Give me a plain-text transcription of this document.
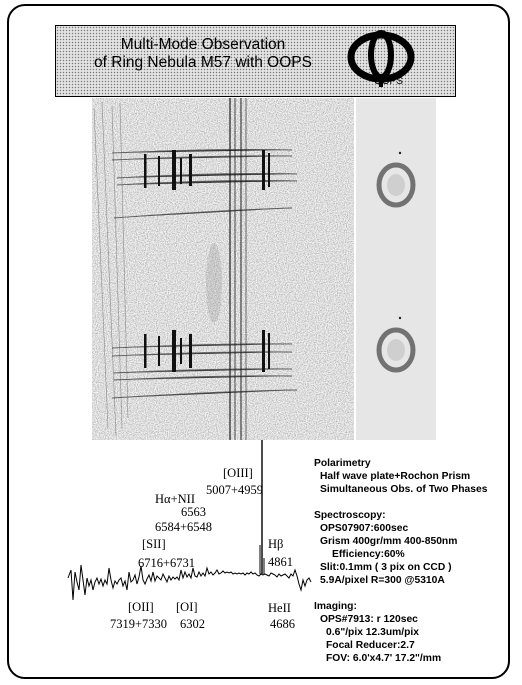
Multi-Mode Observation
of Ring Nebula M57 with OOPS
OOPS
[OIII]
5007+4959
Hα+NII
6563
6584+6548
[SII]
6716+6731
Hβ
4861
[OII]
7319+7330
[OI]
6302
HeII
4686
Polarimetry
Half wave plate+Rochon Prism
Simultaneous Obs. of Two Phases
Spectroscopy:
OPS07907:600sec
Grism 400gr/mm 400-850nm
Efficiency:60%
Slit:0.1mm ( 3 pix on CCD )
5.9A/pixel R=300 @5310A
Imaging:
OPS#7913: r 120sec
0.6"/pix 12.3um/pix
Focal Reducer:2.7
FOV: 6.0'x4.7' 17.2"/mm
